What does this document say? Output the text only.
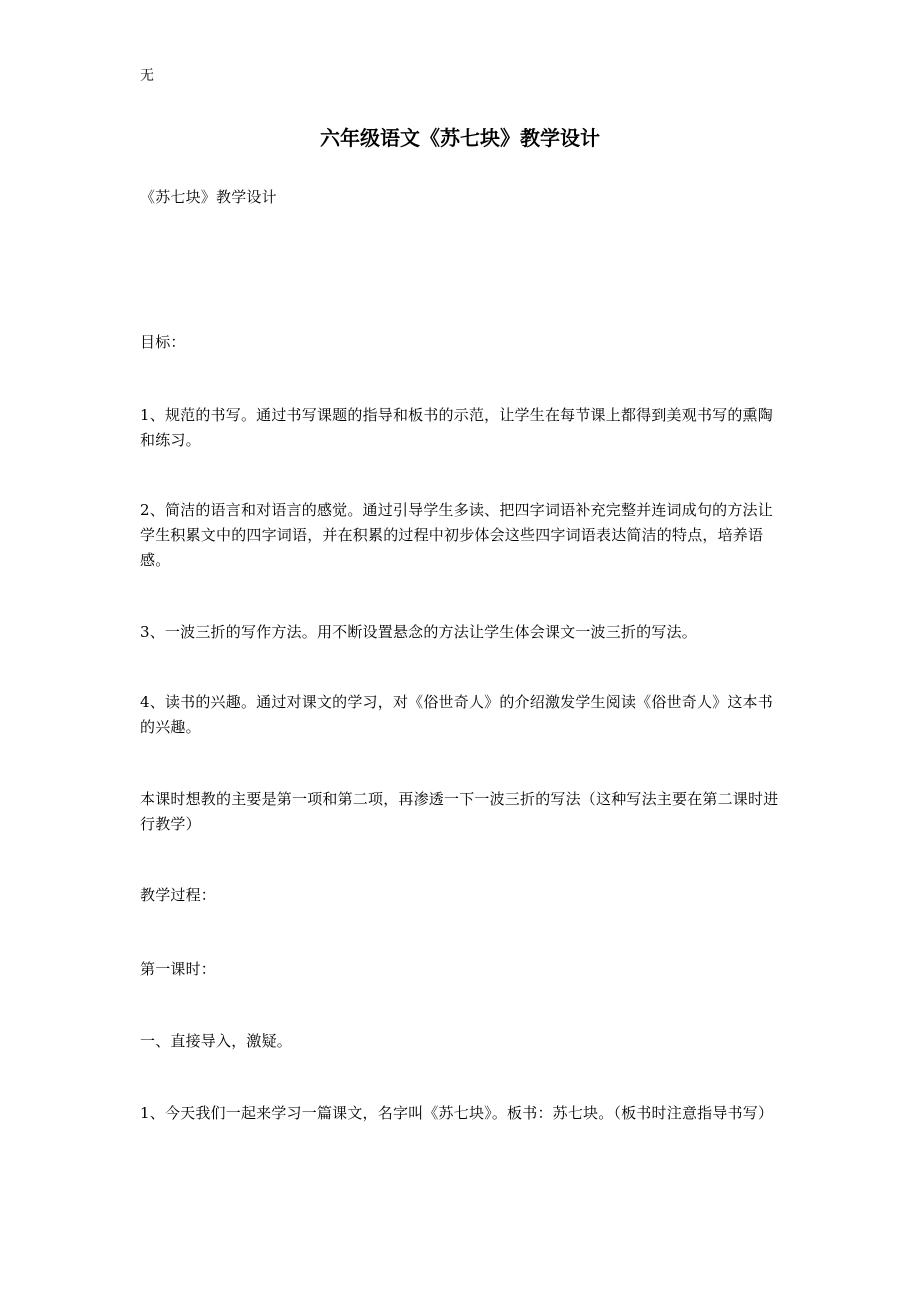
无
六年级语文《苏七块》教学设计
《苏七块》教学设计
目标：
1、规范的书写。通过书写课题的指导和板书的示范，让学生在每节课上都得到美观书写的熏陶和练习。
2、简洁的语言和对语言的感觉。通过引导学生多读、把四字词语补充完整并连词成句的方法让学生积累文中的四字词语，并在积累的过程中初步体会这些四字词语表达简洁的特点，培养语感。
3、一波三折的写作方法。用不断设置悬念的方法让学生体会课文一波三折的写法。
4、读书的兴趣。通过对课文的学习，对《俗世奇人》的介绍激发学生阅读《俗世奇人》这本书的兴趣。
本课时想教的主要是第一项和第二项，再渗透一下一波三折的写法（这种写法主要在第二课时进行教学）
教学过程：
第一课时：
一、直接导入，激疑。
1、今天我们一起来学习一篇课文，名字叫《苏七块》。板书：苏七块。（板书时注意指导书写）
